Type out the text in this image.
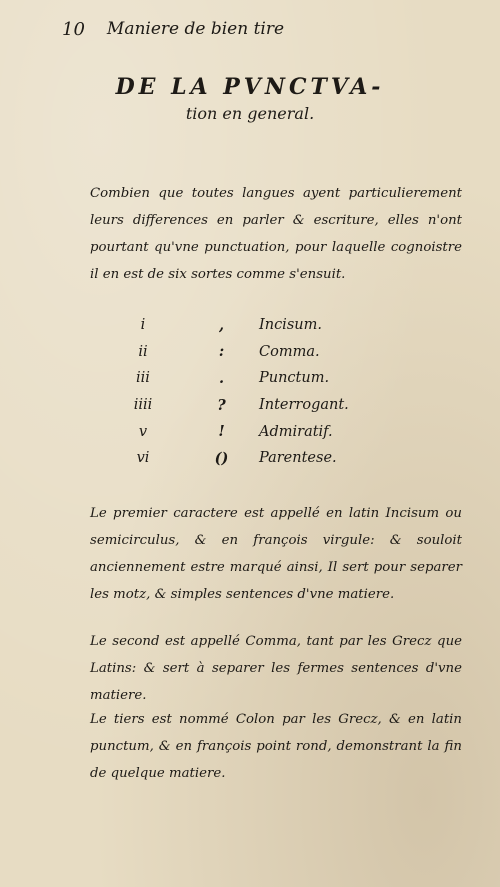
10 Maniere de bien tire

DE LA PVNCTVA-

tion en general.

Combien que toutes langues ayent particulierement leurs differences en parler & escriture, elles n'ont pourtant qu'vne punctuation, pour laquelle cognoistre il en est de six sortes comme s'ensuit.

i	,	Incisum.
ii	:	Comma.
iii	.	Punctum.
iiii	?	Interrogant.
v	!	Admiratif.
vi	()	Parentese.

Le premier caractere est appellé en latin Incisum ou semicirculus, & en françois virgule: & souloit anciennement estre marqué ainsi, Il sert pour separer les motz, & simples sentences d'vne matiere.

Le second est appellé Comma, tant par les Grecz que Latins: & sert à separer les fermes sentences d'vne matiere.

Le tiers est nommé Colon par les Grecz, & en latin punctum, & en françois point rond, demonstrant la fin de quelque matiere.
